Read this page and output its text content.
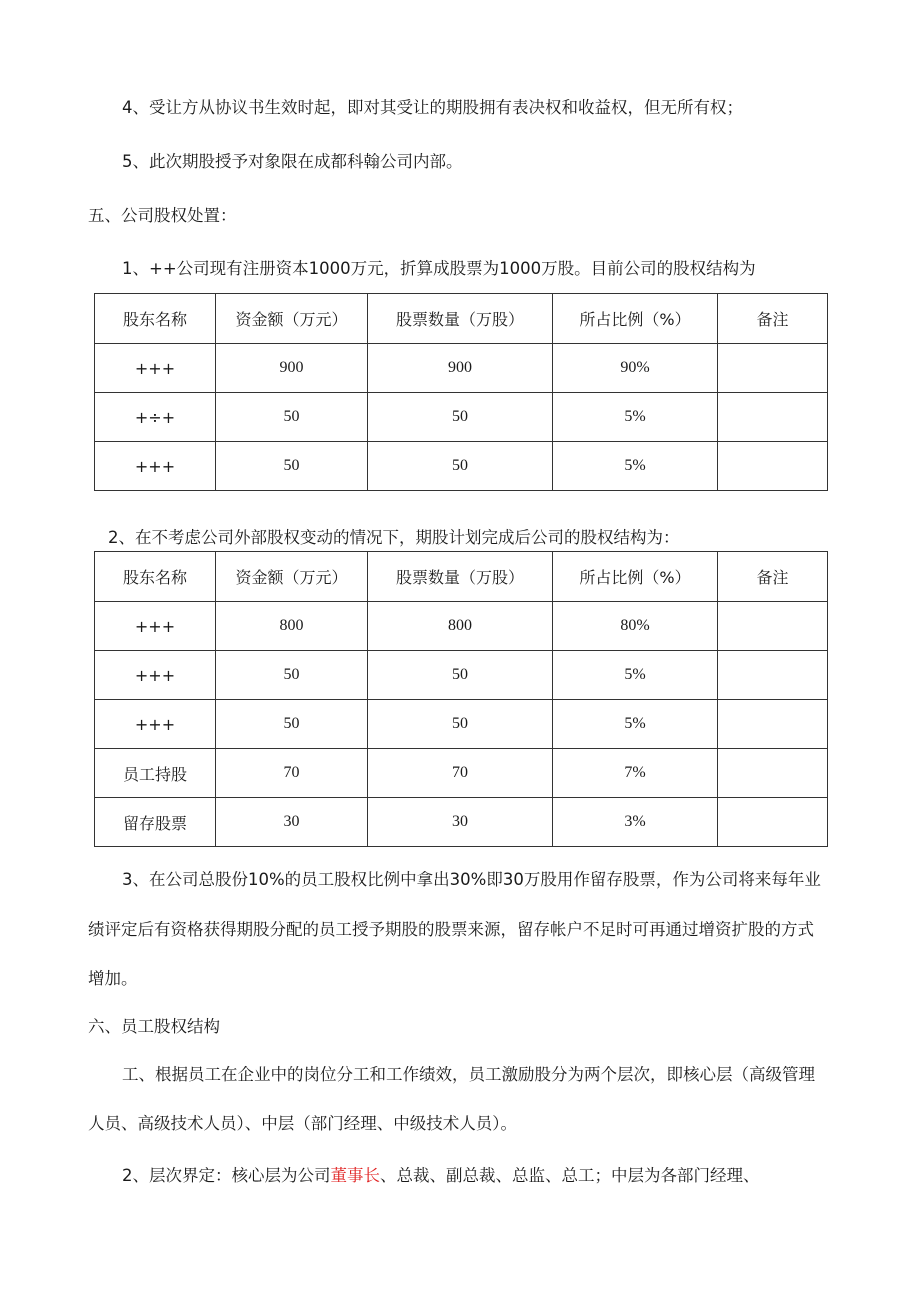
4、受让方从协议书生效时起，即对其受让的期股拥有表决权和收益权，但无所有权；
5、此次期股授予对象限在成都科翰公司内部。
五、公司股权处置：
1、++公司现有注册资本1000万元，折算成股票为1000万股。目前公司的股权结构为
股东名称	资金额（万元）	股票数量（万股）	所占比例（%）	备注
+++	900	900	90%	
+÷+	50	50	5%	
+++	50	50	5%	
2、在不考虑公司外部股权变动的情况下，期股计划完成后公司的股权结构为：
股东名称	资金额（万元）	股票数量（万股）	所占比例（%）	备注
+++	800	800	80%	
+++	50	50	5%	
+++	50	50	5%	
员工持股	70	70	7%	
留存股票	30	30	3%	
3、在公司总股份10%的员工股权比例中拿出30%即30万股用作留存股票，作为公司将来每年业
绩评定后有资格获得期股分配的员工授予期股的股票来源，留存帐户不足时可再通过增资扩股的方式
增加。
六、员工股权结构
工、根据员工在企业中的岗位分工和工作绩效，员工激励股分为两个层次，即核心层（高级管理
人员、高级技术人员）、中层（部门经理、中级技术人员）。
2、层次界定：核心层为公司董事长、总裁、副总裁、总监、总工；中层为各部门经理、
